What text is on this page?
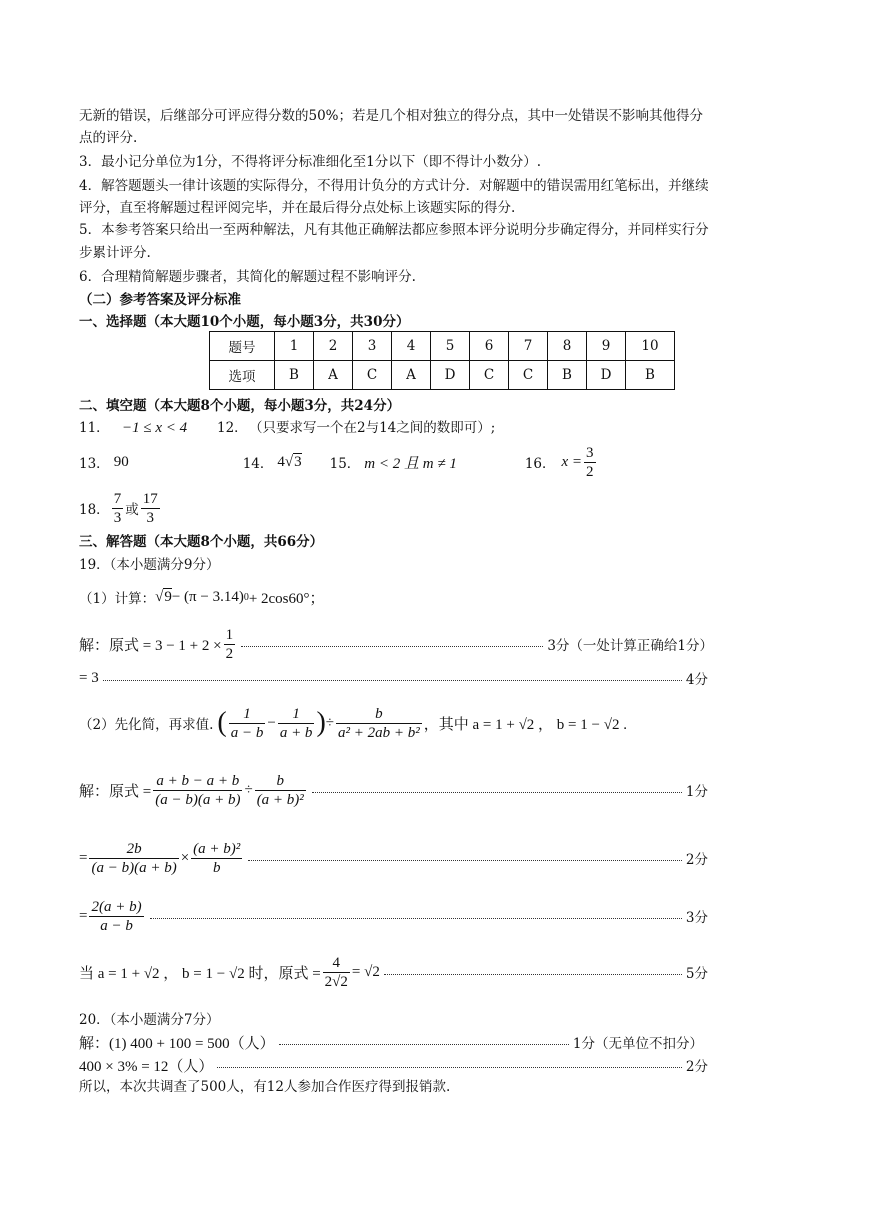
无新的错误，后继部分可评应得分数的50%；若是几个相对独立的得分点，其中一处错误不影响其他得分
点的评分.
3．最小记分单位为1分，不得将评分标准细化至1分以下（即不得计小数分）.
4．解答题题头一律计该题的实际得分，不得用计负分的方式计分．对解题中的错误需用红笔标出，并继续
评分，直至将解题过程评阅完毕，并在最后得分点处标上该题实际的得分.
5．本参考答案只给出一至两种解法，凡有其他正确解法都应参照本评分说明分步确定得分，并同样实行分
步累计评分.
6．合理精简解题步骤者，其简化的解题过程不影响评分.
（二）参考答案及评分标准
一、选择题（本大题10个小题，每小题3分，共30分）
题号	1	2	3	4	5	6	7	8	9	10
选项	B	A	C	A	D	C	C	B	D	B
二、填空题（本大题8个小题，每小题3分，共24分）
11． −1 ≤ x < 4 12． （只要求写一个在2与14之间的数即可）;
13． 90	14． 4 √ 3 15． m < 2 且 m ≠ 1	16． $x = \frac{3}{2}$
18． $\frac{7}{3}$ 或 $\frac{17}{3}$
三、解答题（本大题8个小题，共66分）
19．（本小题满分9分）
（1）计算： √ 9 − (π − 3.14) 0 + 2cos60°；
解：原式 = $3 - 1 + 2 \times \frac{1}{2}$	3分（一处计算正确给1分）
= 3	4分
（2）先化简，再求值. ( $\frac{1}{a - b} - \frac{1}{a + b}$ ) ÷ $\frac{b}{\text{a² + 2ab + b²}}$ ，其中 a = 1 + √2 ， b = 1 − √2 .
解：原式 = $\frac{a + b - a + b}{(a - b)(a + b)} \div \frac{b}{\text{(a + b)²}}$	1分
= $\frac{2b}{(a - b)(a + b)} \times \frac{\text{(a + b)²}}{b}$	2分
= $\frac{2(a + b)}{a - b}$	3分
当 a = 1 + √2 ， b = 1 − √2 时，原式 = $\frac{4}{2√2} = √2$	5分
20．（本小题满分7分）
解：(1) 400 + 100 = 500（人）	1分（无单位不扣分）
400 × 3% = 12（人）	2分
所以，本次共调查了500人，有12人参加合作医疗得到报销款.
